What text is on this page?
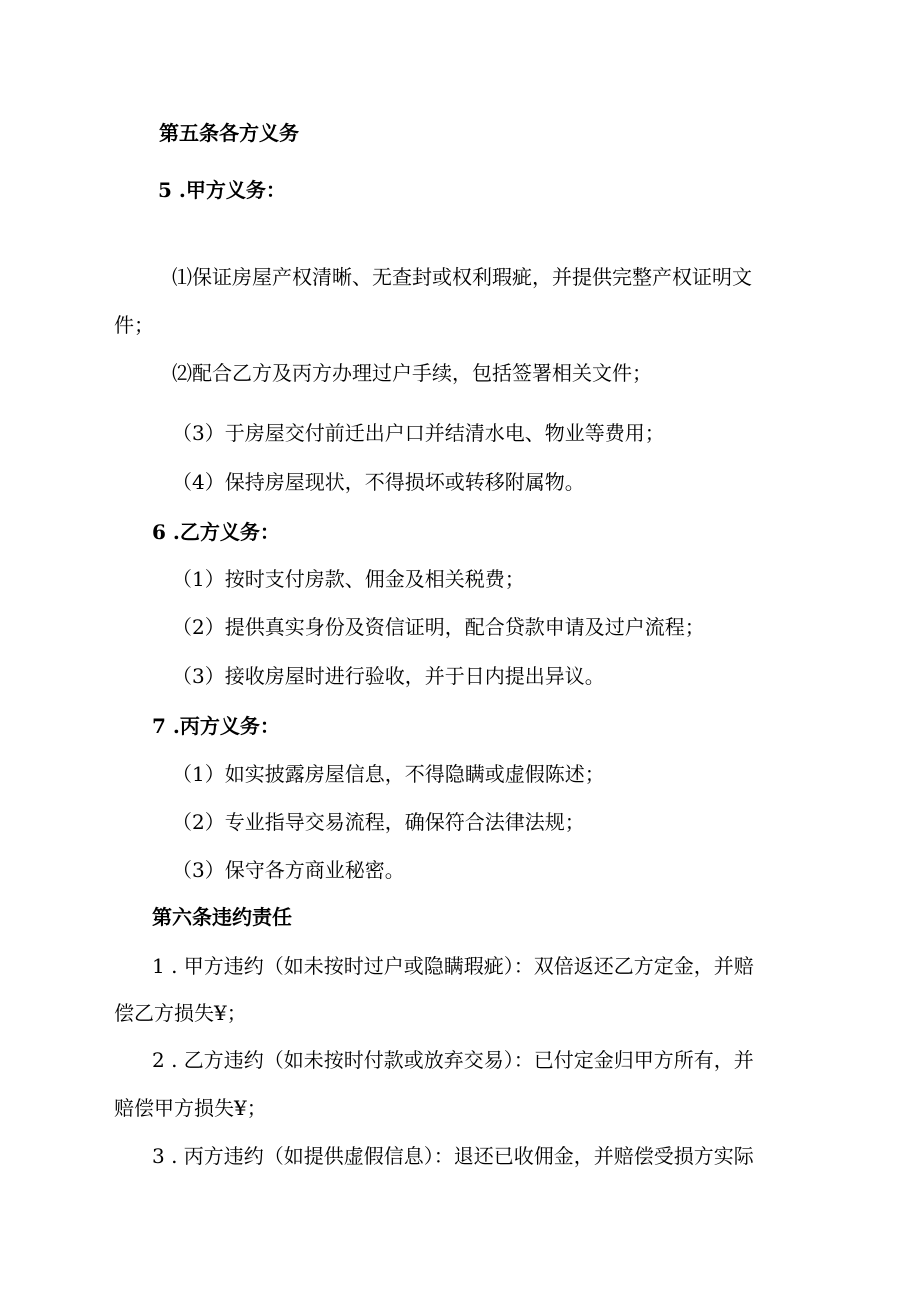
第五条各方义务
5 .甲方义务：
⑴保证房屋产权清晰、无查封或权利瑕疵，并提供完整产权证明文
件；
⑵配合乙方及丙方办理过户手续，包括签署相关文件；
（3）于房屋交付前迁出户口并结清水电、物业等费用；
（4）保持房屋现状，不得损坏或转移附属物。
6 .乙方义务：
（1）按时支付房款、佣金及相关税费；
（2）提供真实身份及资信证明，配合贷款申请及过户流程；
（3）接收房屋时进行验收，并于日内提出异议。
7 .丙方义务：
（1）如实披露房屋信息，不得隐瞒或虚假陈述；
（2）专业指导交易流程，确保符合法律法规；
（3）保守各方商业秘密。
第六条违约责任
1 . 甲方违约（如未按时过户或隐瞒瑕疵）：双倍返还乙方定金，并赔
偿乙方损失¥；
2 . 乙方违约（如未按时付款或放弃交易）：已付定金归甲方所有，并
赔偿甲方损失¥；
3 . 丙方违约（如提供虚假信息）：退还已收佣金，并赔偿受损方实际
